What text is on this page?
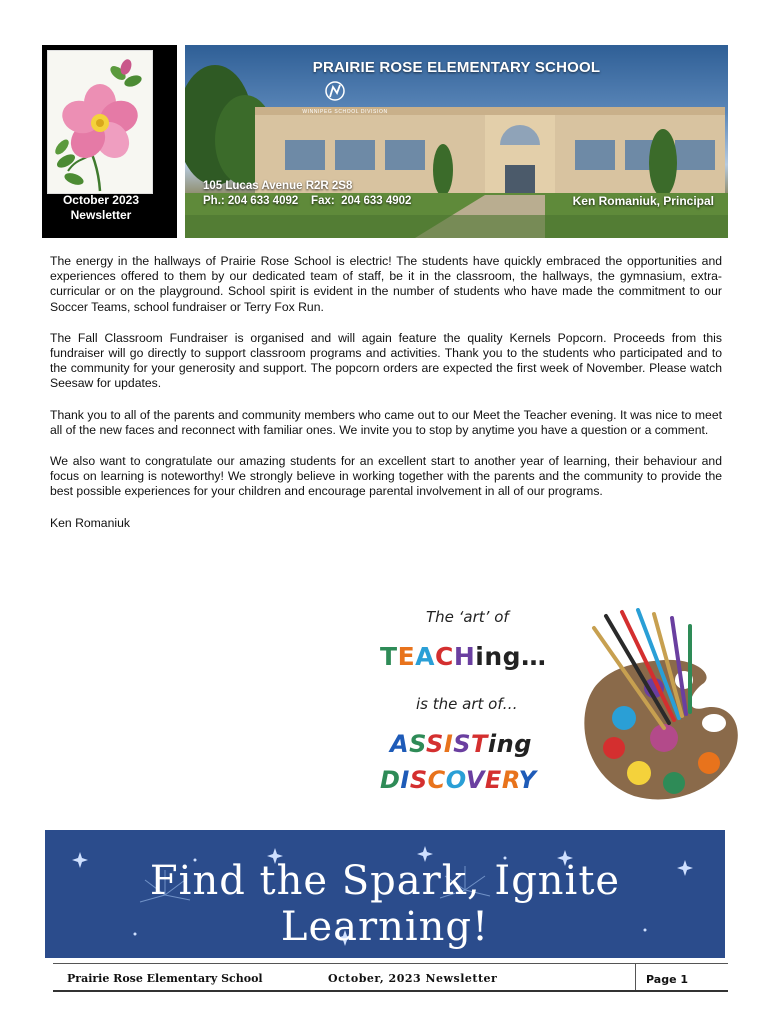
October 2023
Newsletter
PRAIRIE ROSE ELEMENTARY SCHOOL
WINNIPEG SCHOOL DIVISION
105 Lucas Avenue R2R 2S8
Ph.: 204 633 4092    Fax:  204 633 4902	Ken Romaniuk, Principal

The energy in the hallways of Prairie Rose School is electric! The students have quickly embraced the opportunities and experiences offered to them by our dedicated team of staff, be it in the classroom, the hallways, the gymnasium, extra-curricular or on the playground. School spirit is evident in the number of students who have made the commitment to our Soccer Teams, school fundraiser or Terry Fox Run.

The Fall Classroom Fundraiser is organised and will again feature the quality Kernels Popcorn. Proceeds from this fundraiser will go directly to support classroom programs and activities. Thank you to the students who participated and to the community for your generosity and support. The popcorn orders are expected the first week of November. Please watch Seesaw for updates.

Thank you to all of the parents and community members who came out to our Meet the Teacher evening. It was nice to meet all of the new faces and reconnect with familiar ones. We invite you to stop by anytime you have a question or a comment.

We also want to congratulate our amazing students for an excellent start to another year of learning, their behaviour and focus on learning is noteworthy! We strongly believe in working together with the parents and the community to provide the best possible experiences for your children and encourage parental involvement in all of our programs.

Ken Romaniuk

The ‘art’ of
TEACHing…
is the art of…
ASSISTing
DISCOVERY
Find the Spark, Ignite Learning!
Prairie Rose Elementary School	October, 2023 Newsletter	Page 1
